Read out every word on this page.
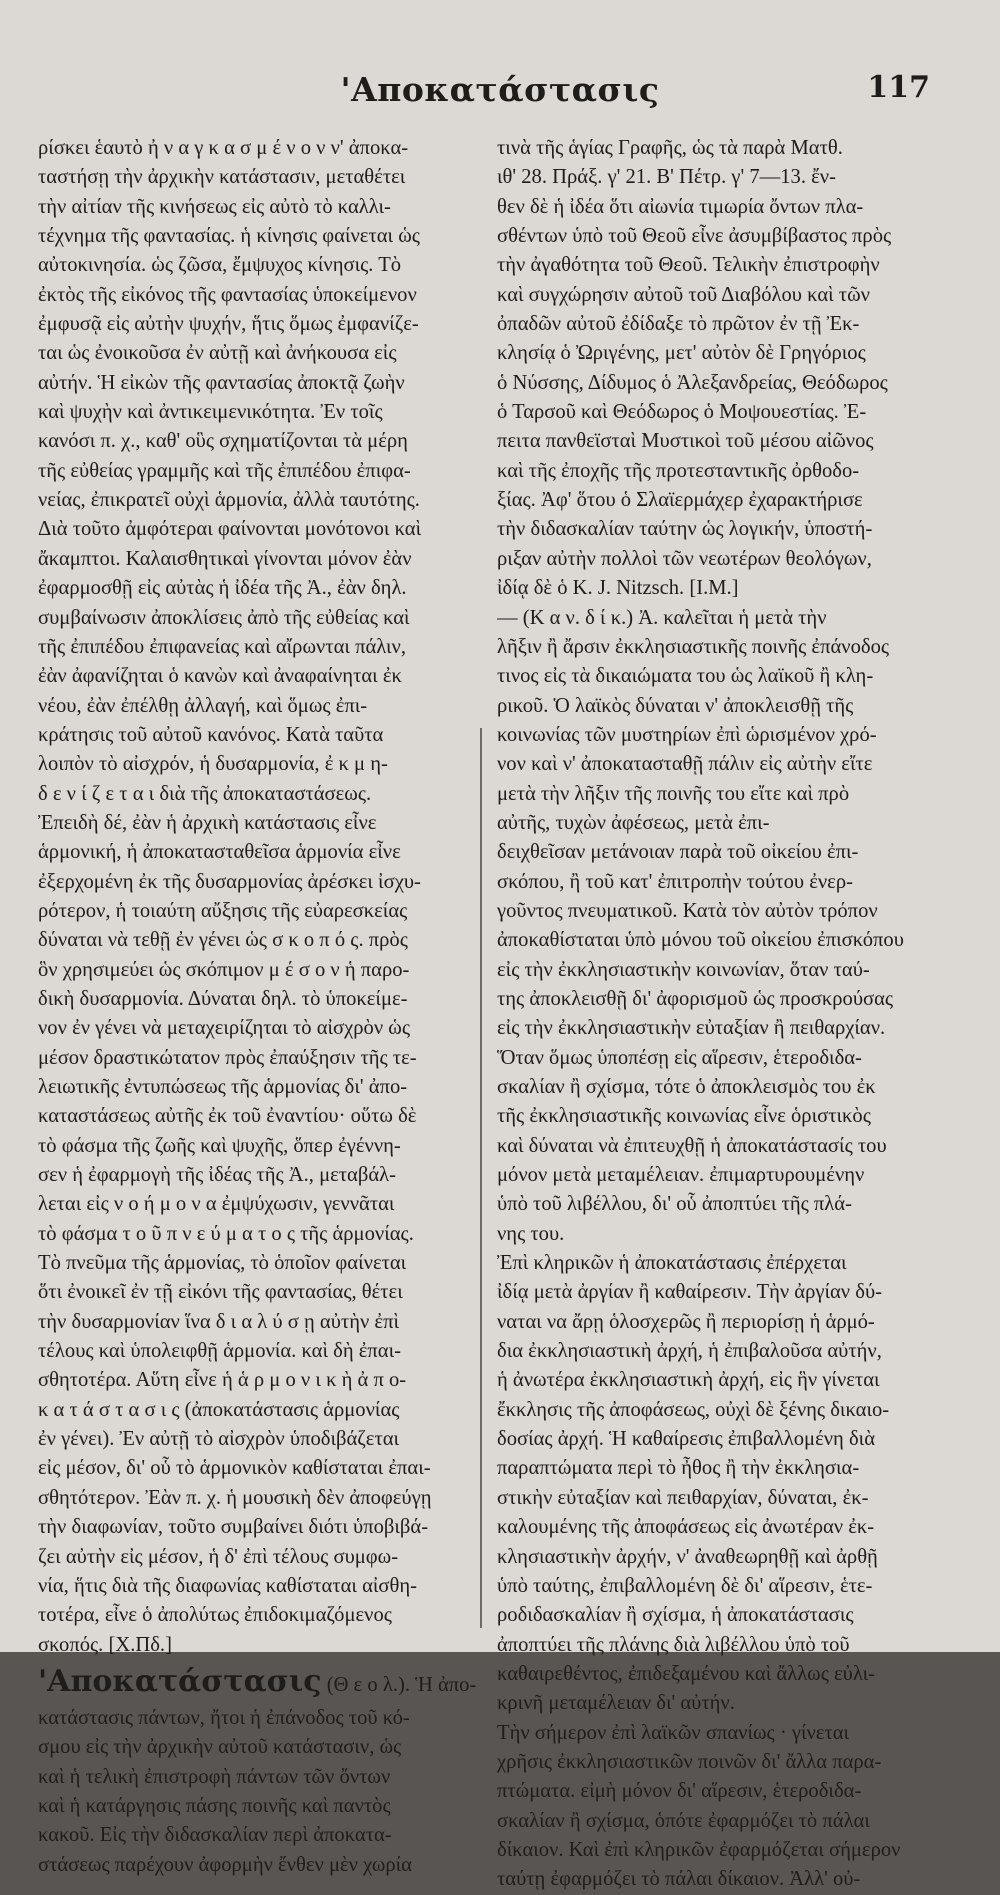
'Αποκατάστασις	117
ρίσκει ἑαυτὸ ἠ ν α γ κ α σ μ έ ν ο ν ν' ἀποκα-
ταστήσῃ τὴν ἀρχικὴν κατάστασιν, μεταθέτει
τὴν αἰτίαν τῆς κινήσεως εἰς αὐτὸ τὸ καλλι-
τέχνημα τῆς φαντασίας. ἡ κίνησις φαίνεται ὡς
αὐτοκινησία. ὡς ζῶσα, ἔμψυχος κίνησις. Τὸ
ἐκτὸς τῆς εἰκόνος τῆς φαντασίας ὑποκείμενον
ἐμφυσᾷ εἰς αὐτὴν ψυχήν, ἥτις ὅμως ἐμφανίζε-
ται ὡς ἐνοικοῦσα ἐν αὐτῇ καὶ ἀνήκουσα εἰς
αὐτήν. Ἡ εἰκὼν τῆς φαντασίας ἀποκτᾷ ζωὴν
καὶ ψυχὴν καὶ ἀντικειμενικότητα. Ἐν τοῖς
κανόσι π. χ., καθ' οὓς σχηματίζονται τὰ μέρη
τῆς εὐθείας γραμμῆς καὶ τῆς ἐπιπέδου ἐπιφα-
νείας, ἐπικρατεῖ οὐχὶ ἁρμονία, ἀλλὰ ταυτότης.
Διὰ τοῦτο ἀμφότεραι φαίνονται μονότονοι καὶ
ἄκαμπτοι. Καλαισθητικαὶ γίνονται μόνον ἐὰν
ἐφαρμοσθῇ εἰς αὐτὰς ἡ ἰδέα τῆς Ἀ., ἐὰν δηλ.
συμβαίνωσιν ἀποκλίσεις ἀπὸ τῆς εὐθείας καὶ
τῆς ἐπιπέδου ἐπιφανείας καὶ αἴρωνται πάλιν,
ἐὰν ἀφανίζηται ὁ κανὼν καὶ ἀναφαίνηται ἐκ
νέου, ἐὰν ἐπέλθῃ ἀλλαγή, καὶ ὅμως ἐπι-
κράτησις τοῦ αὐτοῦ κανόνος. Κατὰ ταῦτα
λοιπὸν τὸ αἰσχρόν, ἡ δυσαρμονία, ἐ κ μ η-
δ ε ν ί ζ ε τ α ι διὰ τῆς ἀποκαταστάσεως.
Ἐπειδὴ δέ, ἐὰν ἡ ἀρχικὴ κατάστασις εἶνε
ἁρμονική, ἡ ἀποκατασταθεῖσα ἁρμονία εἶνε
ἐξερχομένη ἐκ τῆς δυσαρμονίας ἀρέσκει ἰσχυ-
ρότερον, ἡ τοιαύτη αὔξησις τῆς εὐαρεσκείας
δύναται νὰ τεθῇ ἐν γένει ὡς σ κ ο π ό ς. πρὸς
ὃν χρησιμεύει ὡς σκόπιμον μ έ σ ο ν ἡ παρο-
δικὴ δυσαρμονία. Δύναται δηλ. τὸ ὑποκείμε-
νον ἐν γένει νὰ μεταχειρίζηται τὸ αἰσχρὸν ὡς
μέσον δραστικώτατον πρὸς ἐπαύξησιν τῆς τε-
λειωτικῆς ἐντυπώσεως τῆς ἁρμονίας δι' ἀπο-
καταστάσεως αὐτῆς ἐκ τοῦ ἐναντίου· οὕτω δὲ
τὸ φάσμα τῆς ζωῆς καὶ ψυχῆς, ὅπερ ἐγέννη-
σεν ἡ ἐφαρμογὴ τῆς ἰδέας τῆς Ἀ., μεταβάλ-
λεται εἰς ν ο ή μ ο ν α ἐμψύχωσιν, γεννᾶται
τὸ φάσμα τ ο ῦ π ν ε ύ μ α τ ο ς τῆς ἁρμονίας.
Τὸ πνεῦμα τῆς ἁρμονίας, τὸ ὁποῖον φαίνεται
ὅτι ἐνοικεῖ ἐν τῇ εἰκόνι τῆς φαντασίας, θέτει
τὴν δυσαρμονίαν ἵνα δ ι α λ ύ σ ῃ αὐτὴν ἐπὶ
τέλους καὶ ὑπολειφθῇ ἁρμονία. καὶ δὴ ἐπαι-
σθητοτέρα. Αὕτη εἶνε ἡ ἁ ρ μ ο ν ι κ ὴ ἀ π ο-
κ α τ ά σ τ α σ ι ς (ἀποκατάστασις ἁρμονίας
ἐν γένει). Ἐν αὐτῇ τὸ αἰσχρὸν ὑποδιβάζεται
εἰς μέσον, δι' οὗ τὸ ἁρμονικὸν καθίσταται ἐπαι-
σθητότερον. Ἐὰν π. χ. ἡ μουσικὴ δὲν ἀποφεύγῃ
τὴν διαφωνίαν, τοῦτο συμβαίνει διότι ὑποβιβά-
ζει αὐτὴν εἰς μέσον, ἡ δ' ἐπὶ τέλους συμφω-
νία, ἥτις διὰ τῆς διαφωνίας καθίσταται αἰσθη-
τοτέρα, εἶνε ὁ ἀπολύτως ἐπιδοκιμαζόμενος
σκοπός. [Χ.Πδ.]
'Αποκατάστασις (Θ ε ο λ.). Ἡ ἀπο-
κατάστασις πάντων, ἤτοι ἡ ἐπάνοδος τοῦ κό-
σμου εἰς τὴν ἀρχικὴν αὐτοῦ κατάστασιν, ὡς
καὶ ἡ τελικὴ ἐπιστροφὴ πάντων τῶν ὄντων
καὶ ἡ κατάργησις πάσης ποινῆς καὶ παντὸς
κακοῦ. Εἰς τὴν διδασκαλίαν περὶ ἀποκατα-
στάσεως παρέχουν ἀφορμὴν ἔνθεν μὲν χωρία
τινὰ τῆς ἁγίας Γραφῆς, ὡς τὰ παρὰ Ματθ.
ιθ' 28. Πράξ. γ' 21. Β' Πέτρ. γ' 7—13. ἔν-
θεν δὲ ἡ ἰδέα ὅτι αἰωνία τιμωρία ὄντων πλα-
σθέντων ὑπὸ τοῦ Θεοῦ εἶνε ἀσυμβίβαστος πρὸς
τὴν ἀγαθότητα τοῦ Θεοῦ. Τελικὴν ἐπιστροφὴν
καὶ συγχώρησιν αὐτοῦ τοῦ Διαβόλου καὶ τῶν
ὀπαδῶν αὐτοῦ ἐδίδαξε τὸ πρῶτον ἐν τῇ Ἐκ-
κλησίᾳ ὁ Ὠριγένης, μετ' αὐτὸν δὲ Γρηγόριος
ὁ Νύσσης, Δίδυμος ὁ Ἀλεξανδρείας, Θεόδωρος
ὁ Ταρσοῦ καὶ Θεόδωρος ὁ Μοψουεστίας. Ἐ-
πειτα πανθεϊσταὶ Μυστικοὶ τοῦ μέσου αἰῶνος
καὶ τῆς ἐποχῆς τῆς προτεσταντικῆς ὀρθοδο-
ξίας. Ἀφ' ὅτου ὁ Σλαϊερμάχερ ἐχαρακτήρισε
τὴν διδασκαλίαν ταύτην ὡς λογικήν, ὑποστή-
ριξαν αὐτὴν πολλοὶ τῶν νεωτέρων θεολόγων,
ἰδίᾳ δὲ ὁ Κ. J. Nitzsch. [Ι.Μ.]
— (Κ α ν. δ ί κ.) Ἀ. καλεῖται ἡ μετὰ τὴν
λῆξιν ἢ ἄρσιν ἐκκλησιαστικῆς ποινῆς ἐπάνοδος
τινος εἰς τὰ δικαιώματα του ὡς λαϊκοῦ ἢ κλη-
ρικοῦ. Ὁ λαϊκὸς δύναται ν' ἀποκλεισθῇ τῆς
κοινωνίας τῶν μυστηρίων ἐπὶ ὡρισμένον χρό-
νον καὶ ν' ἀποκατασταθῇ πάλιν εἰς αὐτὴν εἴτε
μετὰ τὴν λῆξιν τῆς ποινῆς του εἴτε καὶ πρὸ
αὐτῆς, τυχὼν ἀφέσεως, μετὰ ἐπι-
δειχθεῖσαν μετάνοιαν παρὰ τοῦ οἰκείου ἐπι-
σκόπου, ἢ τοῦ κατ' ἐπιτροπὴν τούτου ἐνερ-
γοῦντος πνευματικοῦ. Κατὰ τὸν αὐτὸν τρόπον
ἀποκαθίσταται ὑπὸ μόνου τοῦ οἰκείου ἐπισκόπου
εἰς τὴν ἐκκλησιαστικὴν κοινωνίαν, ὅταν ταύ-
της ἀποκλεισθῇ δι' ἀφορισμοῦ ὡς προσκρούσας
εἰς τὴν ἐκκλησιαστικὴν εὐταξίαν ἢ πειθαρχίαν.
Ὅταν ὅμως ὑποπέσῃ εἰς αἵρεσιν, ἑτεροδιδα-
σκαλίαν ἢ σχίσμα, τότε ὁ ἀποκλεισμὸς του ἐκ
τῆς ἐκκλησιαστικῆς κοινωνίας εἶνε ὁριστικὸς
καὶ δύναται νὰ ἐπιτευχθῇ ἡ ἀποκατάστασίς του
μόνον μετὰ μεταμέλειαν. ἐπιμαρτυρουμένην
ὑπὸ τοῦ λιβέλλου, δι' οὗ ἀποπτύει τῆς πλά-
νης του.
Ἐπὶ κληρικῶν ἡ ἀποκατάστασις ἐπέρχεται
ἰδίᾳ μετὰ ἀργίαν ἢ καθαίρεσιν. Τὴν ἀργίαν δύ-
ναται να ἄρῃ ὁλοσχερῶς ἢ περιορίσῃ ἡ ἁρμό-
δια ἐκκλησιαστικὴ ἀρχή, ἡ ἐπιβαλοῦσα αὐτήν,
ἡ ἀνωτέρα ἐκκλησιαστικὴ ἀρχή, εἰς ἣν γίνεται
ἔκκλησις τῆς ἀποφάσεως, οὐχὶ δὲ ξένης δικαιο-
δοσίας ἀρχή. Ἡ καθαίρεσις ἐπιβαλλομένη διὰ
παραπτώματα περὶ τὸ ἦθος ἢ τὴν ἐκκλησια-
στικὴν εὐταξίαν καὶ πειθαρχίαν, δύναται, ἐκ-
καλουμένης τῆς ἀποφάσεως εἰς ἀνωτέραν ἐκ-
κλησιαστικὴν ἀρχήν, ν' ἀναθεωρηθῇ καὶ ἀρθῇ
ὑπὸ ταύτης, ἐπιβαλλομένη δὲ δι' αἵρεσιν, ἑτε-
ροδιδασκαλίαν ἢ σχίσμα, ἡ ἀποκατάστασις
ἀποπτύει τῆς πλάνης διὰ λιβέλλου ὑπὸ τοῦ
καθαιρεθέντος, ἐπιδεξαμένου καὶ ἄλλως εὐλι-
κρινῆ μεταμέλειαν δι' αὐτήν.
Τὴν σήμερον ἐπὶ λαϊκῶν σπανίως · γίνεται
χρῆσις ἐκκλησιαστικῶν ποινῶν δι' ἄλλα παρα-
πτώματα. εἰμὴ μόνον δι' αἵρεσιν, ἑτεροδιδα-
σκαλίαν ἢ σχίσμα, ὁπότε ἐφαρμόζει τὸ πάλαι
δίκαιον. Καὶ ἐπὶ κληρικῶν ἐφαρμόζεται σήμερον
ταύτῃ ἐφαρμόζει τὸ πάλαι δίκαιον. Ἀλλ' οὐ-
